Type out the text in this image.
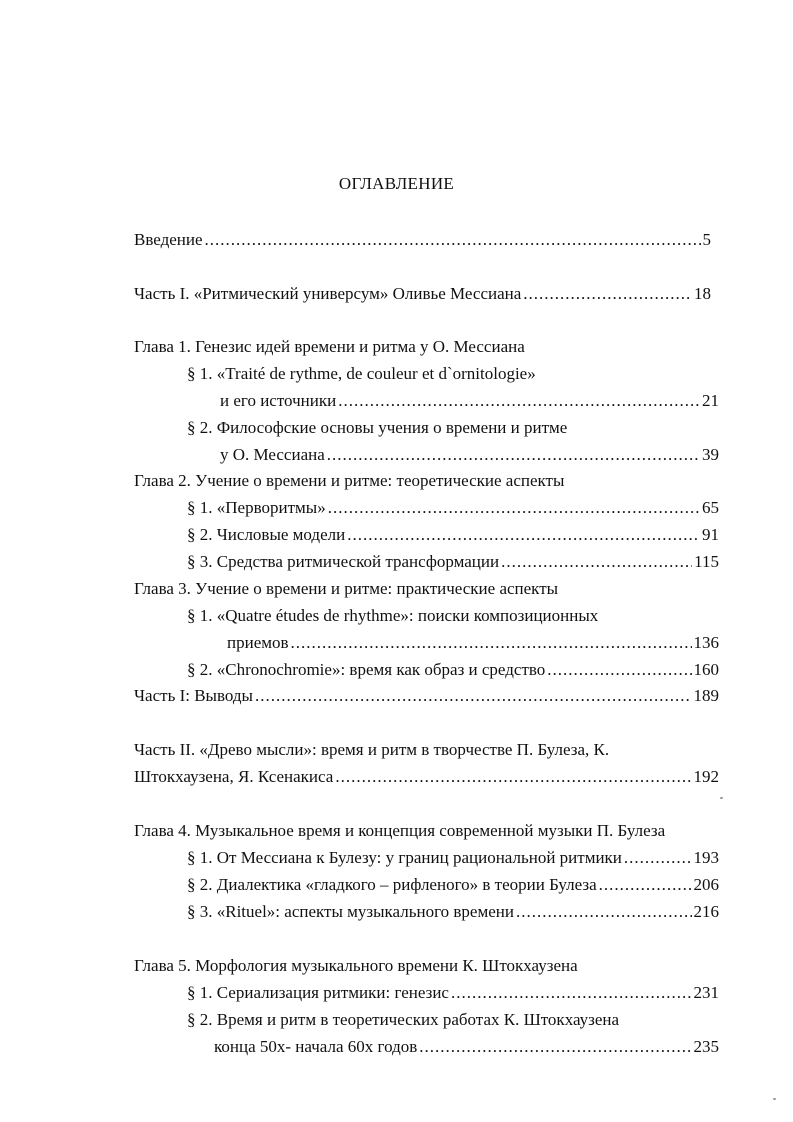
ОГЛАВЛЕНИЕ
Введение .....	5
Часть I. «Ритмический универсум» Оливье Мессиана .....	18
Глава 1. Генезис идей времени и ритма у О. Мессиана
§ 1. «Traité de rythme, de couleur et d`ornitologie»
и его источники .....	21
§ 2. Философские основы учения о времени и ритме
у О. Мессиана .....	39
Глава 2. Учение о времени и ритме: теоретические аспекты
§ 1. «Перворитмы» .....	65
§ 2. Числовые модели .....	91
§ 3. Средства ритмической трансформации .....	115
Глава 3. Учение о времени и ритме: практические аспекты
§ 1. «Quatre études de rhythme»: поиски композиционных
приемов .....	136
§ 2. «Chronochromie»: время как образ и средство .....	160
Часть I: Выводы .....	189
Часть II. «Древо мысли»: время и ритм в творчестве П. Булеза, К.
Штокхаузена, Я. Ксенакиса .....	192
Глава 4. Музыкальное время и концепция современной музыки П. Булеза
§ 1. От Мессиана к Булезу: у границ рациональной ритмики .....	193
§ 2. Диалектика «гладкого – рифленого» в теории Булеза .....	206
§ 3. «Rituel»: аспекты музыкального времени .....	216
Глава 5. Морфология музыкального времени К. Штокхаузена
§ 1. Сериализация ритмики: генезис .....	231
§ 2. Время и ритм в теоретических работах К. Штокхаузена
конца 50х- начала 60х годов .....	235
